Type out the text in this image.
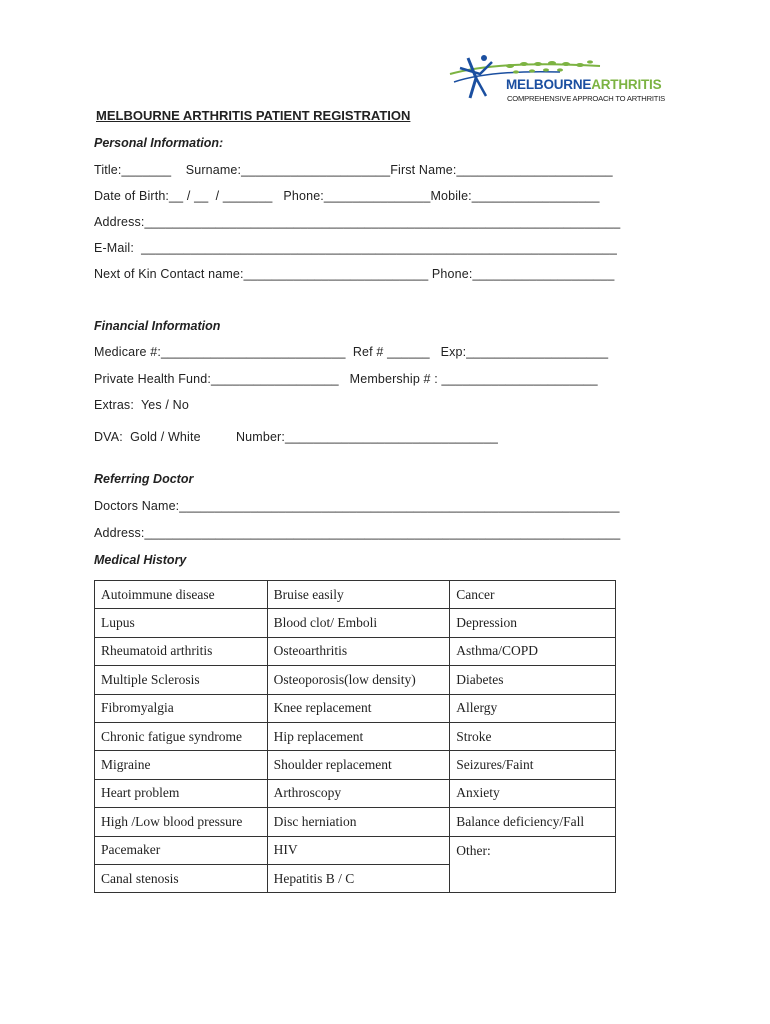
MELBOURNEARTHRITIS
COMPREHENSIVE APPROACH TO ARTHRITIS
MELBOURNE ARTHRITIS PATIENT REGISTRATION
Personal Information:
Title:_______    Surname:_____________________First Name:______________________
Date of Birth:__ / __  / _______   Phone:_______________Mobile:__________________
Address:___________________________________________________________________
E-Mail:  ___________________________________________________________________
Next of Kin Contact name:__________________________ Phone:____________________
Financial Information
Medicare #:__________________________  Ref # ______   Exp:____________________
Private Health Fund:__________________   Membership # : ______________________
Extras:  Yes / No
DVA:  Gold / White	Number:______________________________
Referring Doctor
Doctors Name:______________________________________________________________
Address:___________________________________________________________________
Medical History
Autoimmune disease	Bruise easily	Cancer
Lupus	Blood clot/ Emboli	Depression
Rheumatoid arthritis	Osteoarthritis	Asthma/COPD
Multiple Sclerosis	Osteoporosis(low density)	Diabetes
Fibromyalgia	Knee replacement	Allergy
Chronic fatigue syndrome	Hip replacement	Stroke
Migraine	Shoulder replacement	Seizures/Faint
Heart problem	Arthroscopy	Anxiety
High /Low blood pressure	Disc herniation	Balance deficiency/Fall
Pacemaker	HIV	Other:
Canal stenosis	Hepatitis B / C	
